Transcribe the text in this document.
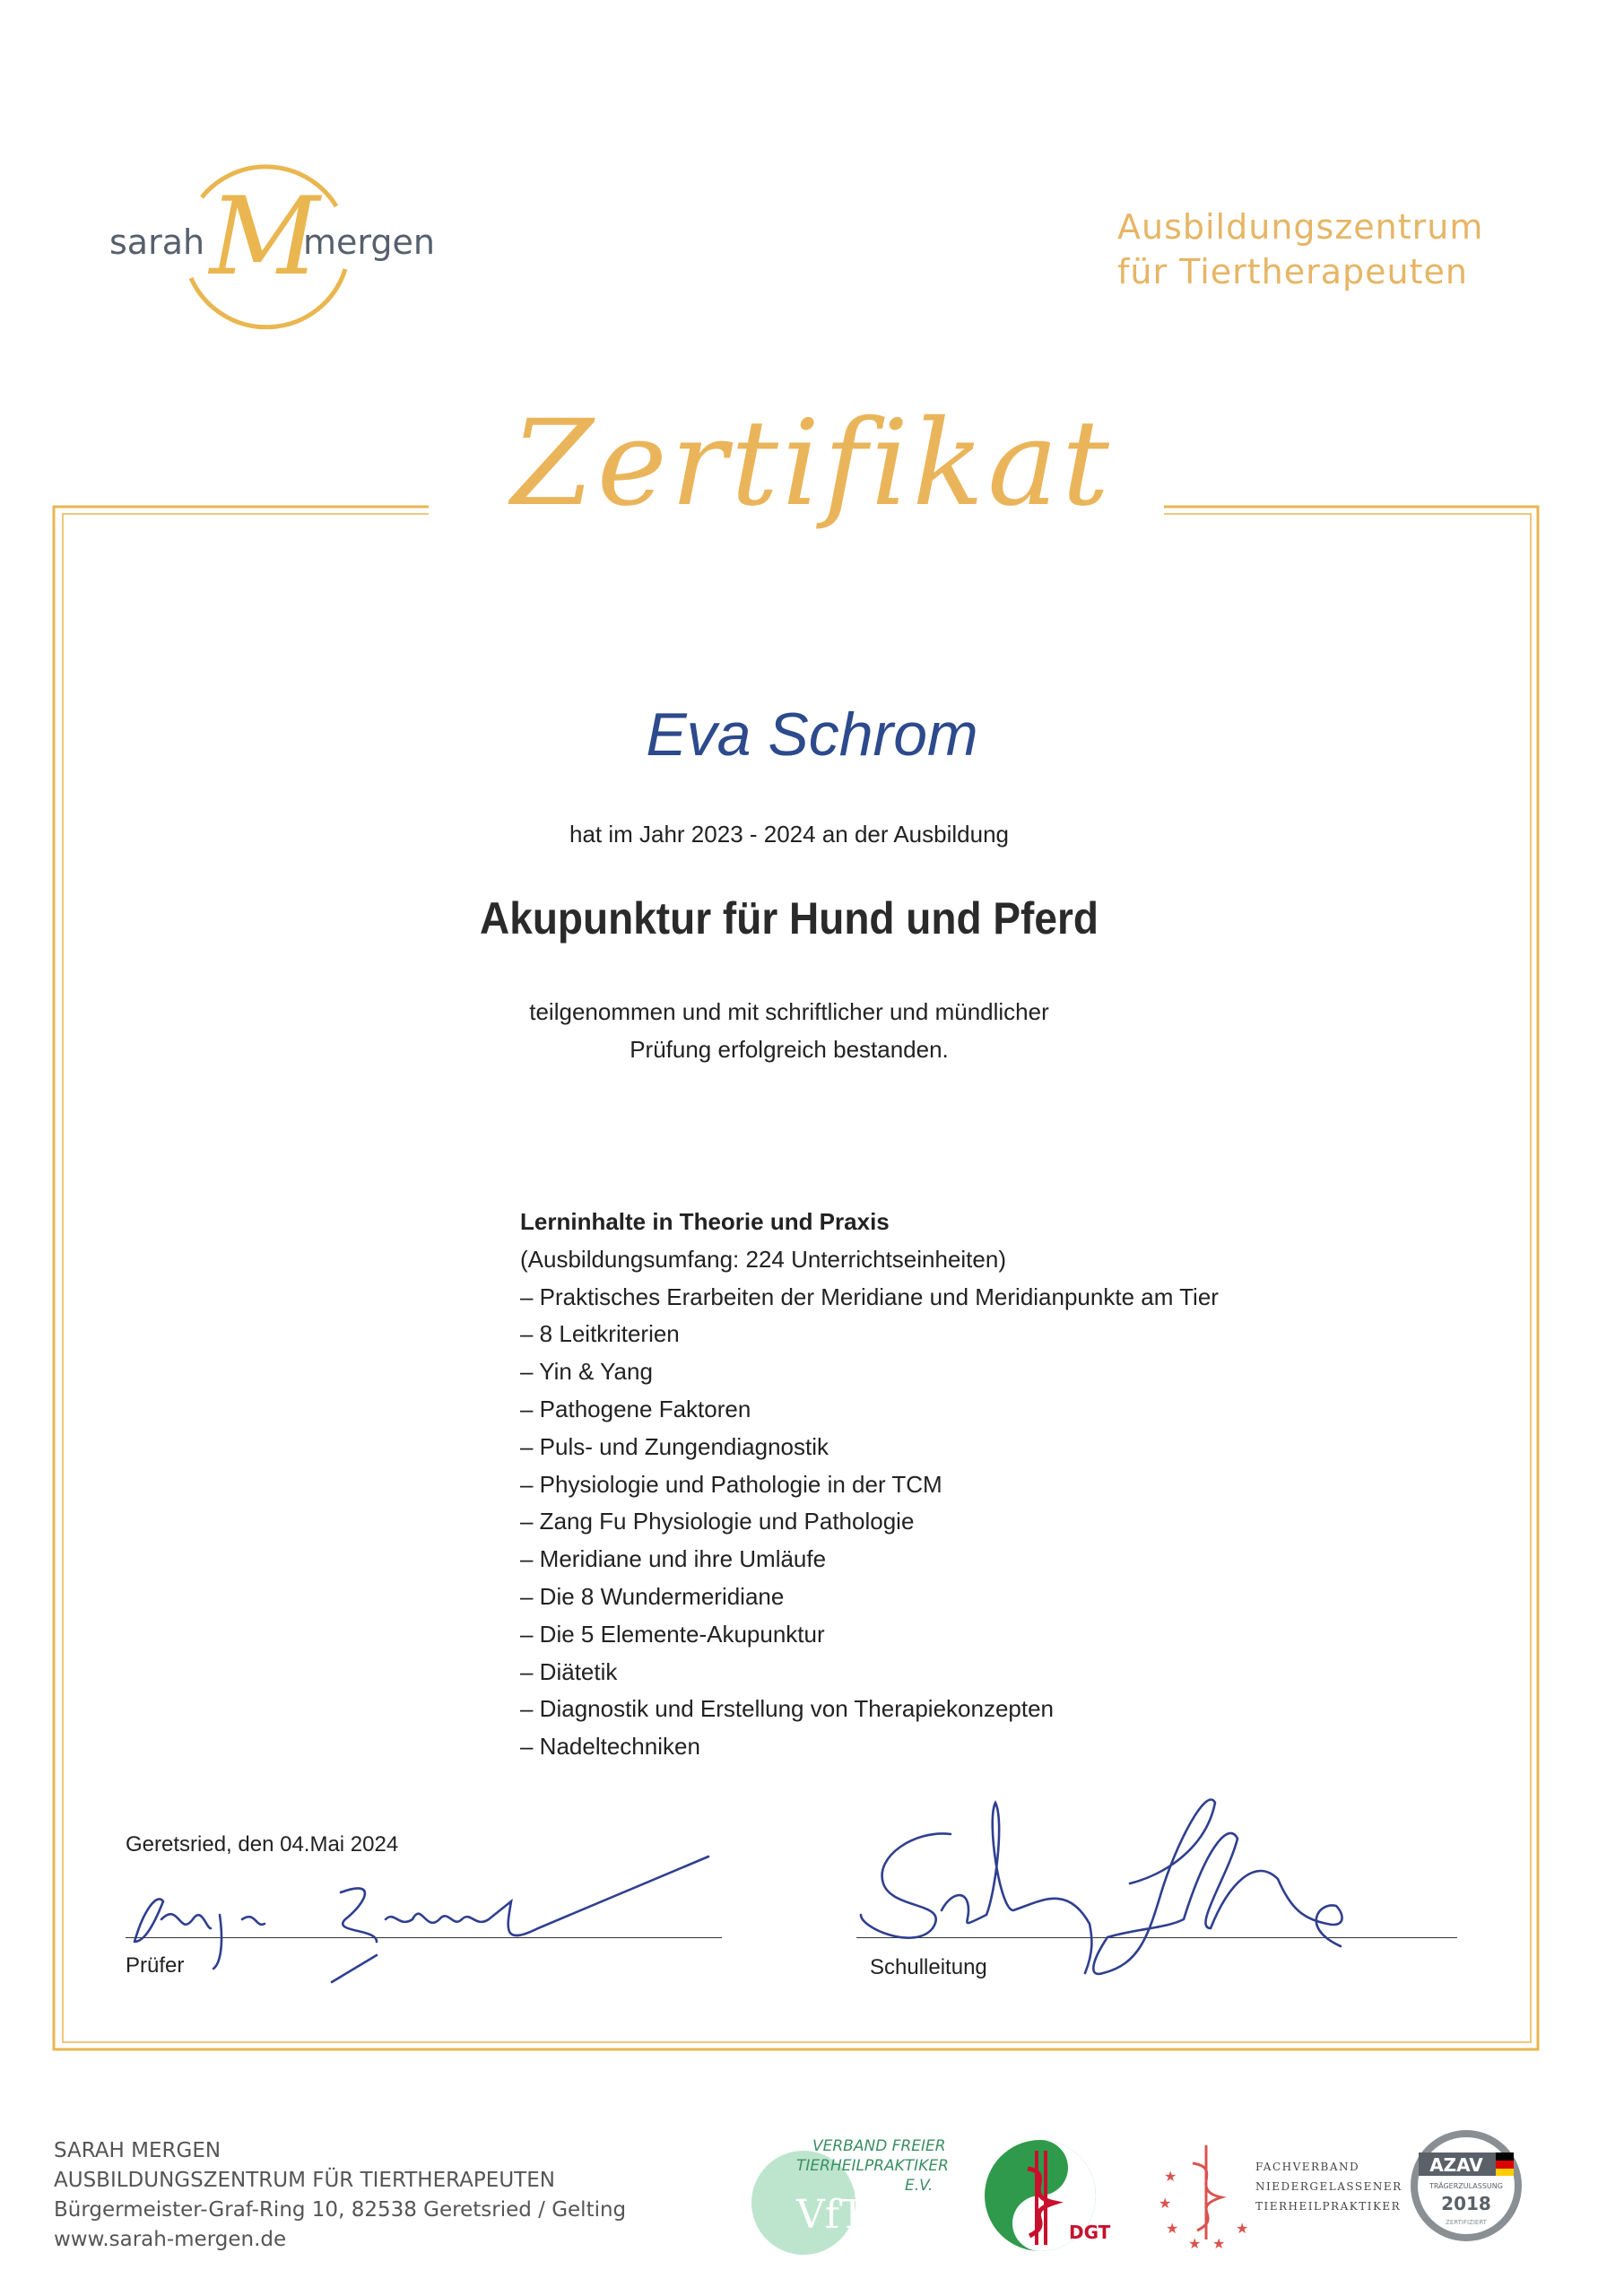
M
sarah	mergen	Ausbildungszentrum
für Tiertherapeuten
Zertifikat
Eva Schrom
hat im Jahr 2023 - 2024 an der Ausbildung
Akupunktur für Hund und Pferd
teilgenommen und mit schriftlicher und mündlicher
Prüfung erfolgreich bestanden.
Lerninhalte in Theorie und Praxis
(Ausbildungsumfang: 224 Unterrichtseinheiten)
– Praktisches Erarbeiten der Meridiane und Meridianpunkte am Tier
– 8 Leitkriterien
– Yin & Yang
– Pathogene Faktoren
– Puls- und Zungendiagnostik
– Physiologie und Pathologie in der TCM
– Zang Fu Physiologie und Pathologie
– Meridiane und ihre Umläufe
– Die 8 Wundermeridiane
– Die 5 Elemente-Akupunktur
– Diätetik
– Diagnostik und Erstellung von Therapiekonzepten
– Nadeltechniken
Geretsried, den 04.Mai 2024
Prüfer	Schulleitung
SARAH MERGEN
AUSBILDUNGSZENTRUM FÜR TIERTHERAPEUTEN
Bürgermeister-Graf-Ring 10, 82538 Geretsried / Gelting
www.sarah-mergen.de
VfT
VERBAND FREIER
TIERHEILPRAKTIKER
E.V.
DGT
★
★
★
★ ★
★
FACHVERBAND
NIEDERGELASSENER
TIERHEILPRAKTIKER
AZAV
TRÄGERZULASSUNG
2018
ZERTIFIZIERT
